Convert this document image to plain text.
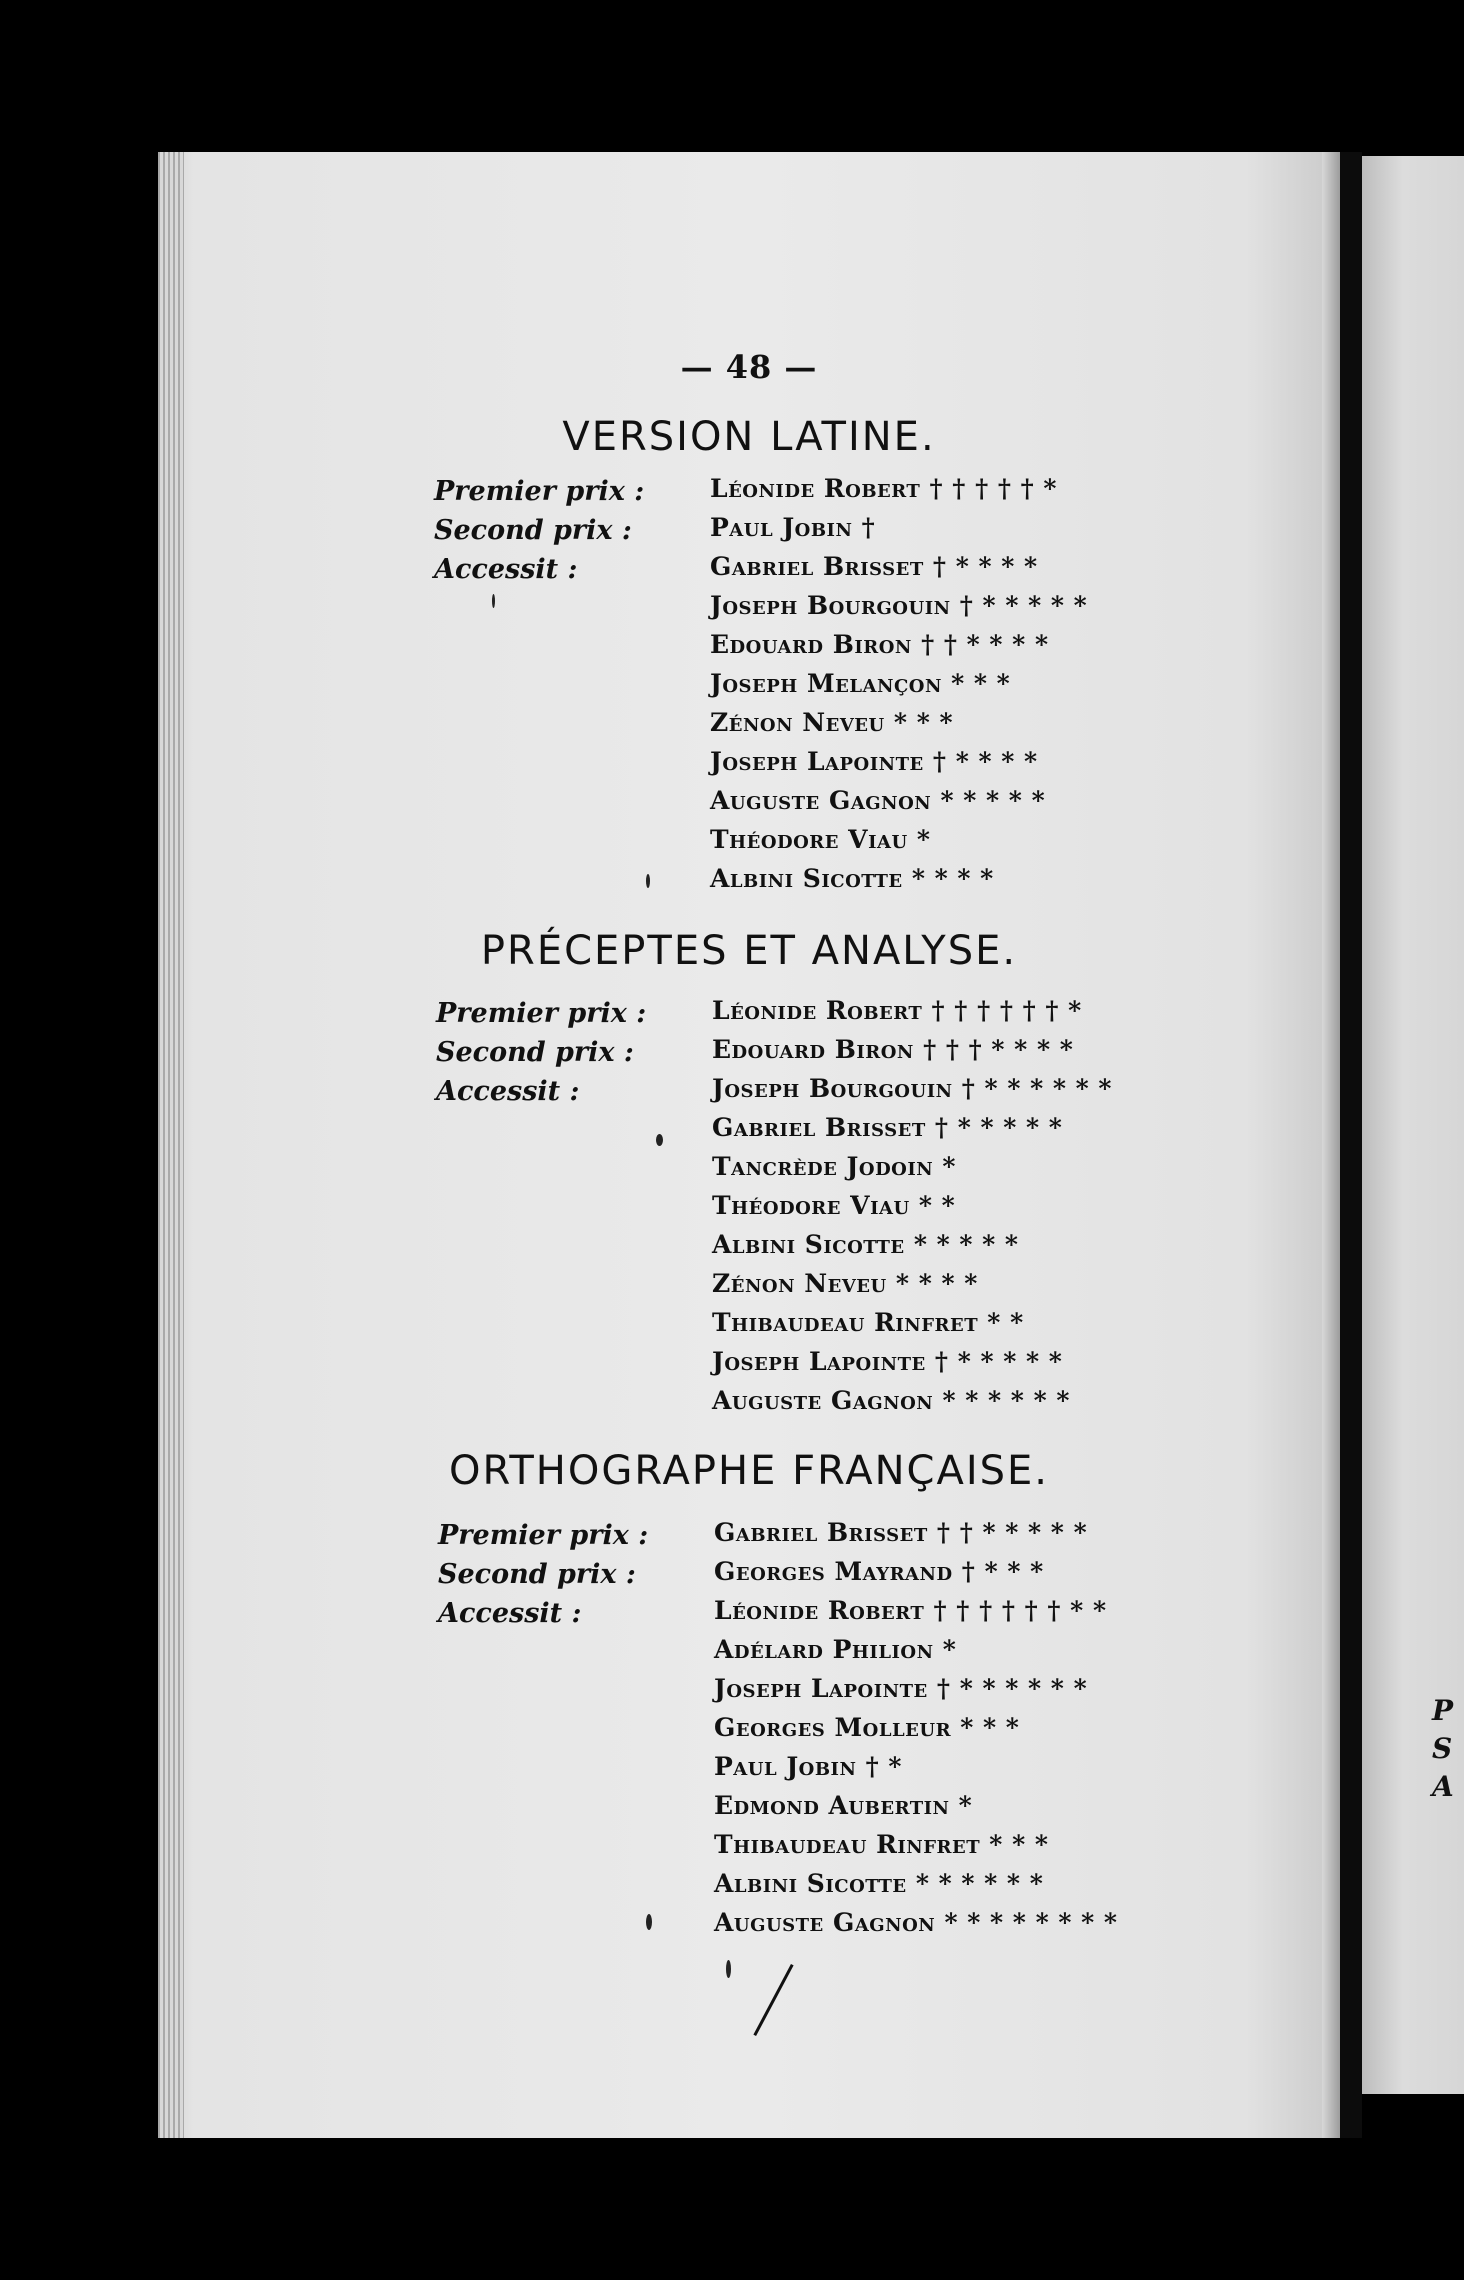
— 48 —
VERSION LATINE.
Premier prix :
Second prix :
Accessit :
Léonide Robert † † † † † *
Paul Jobin †
Gabriel Brisset † * * * *
Joseph Bourgouin † * * * * *
Edouard Biron † † * * * *
Joseph Melançon * * *
Zénon Neveu * * *
Joseph Lapointe † * * * *
Auguste Gagnon * * * * *
Théodore Viau *
Albini Sicotte * * * *
PRÉCEPTES ET ANALYSE.
Premier prix :
Second prix :
Accessit :
Léonide Robert † † † † † † *
Edouard Biron † † † * * * *
Joseph Bourgouin † * * * * * *
Gabriel Brisset † * * * * *
Tancrède Jodoin *
Théodore Viau * *
Albini Sicotte * * * * *
Zénon Neveu * * * *
Thibaudeau Rinfret * *
Joseph Lapointe † * * * * *
Auguste Gagnon * * * * * *
ORTHOGRAPHE FRANÇAISE.
Premier prix :
Second prix :
Accessit :
Gabriel Brisset † † * * * * *
Georges Mayrand † * * *
Léonide Robert † † † † † † * *
Adélard Philion *
Joseph Lapointe † * * * * * *
Georges Molleur * * *
Paul Jobin † *
Edmond Aubertin *
Thibaudeau Rinfret * * *
Albini Sicotte * * * * * *
Auguste Gagnon * * * * * * * *
P
S
A
